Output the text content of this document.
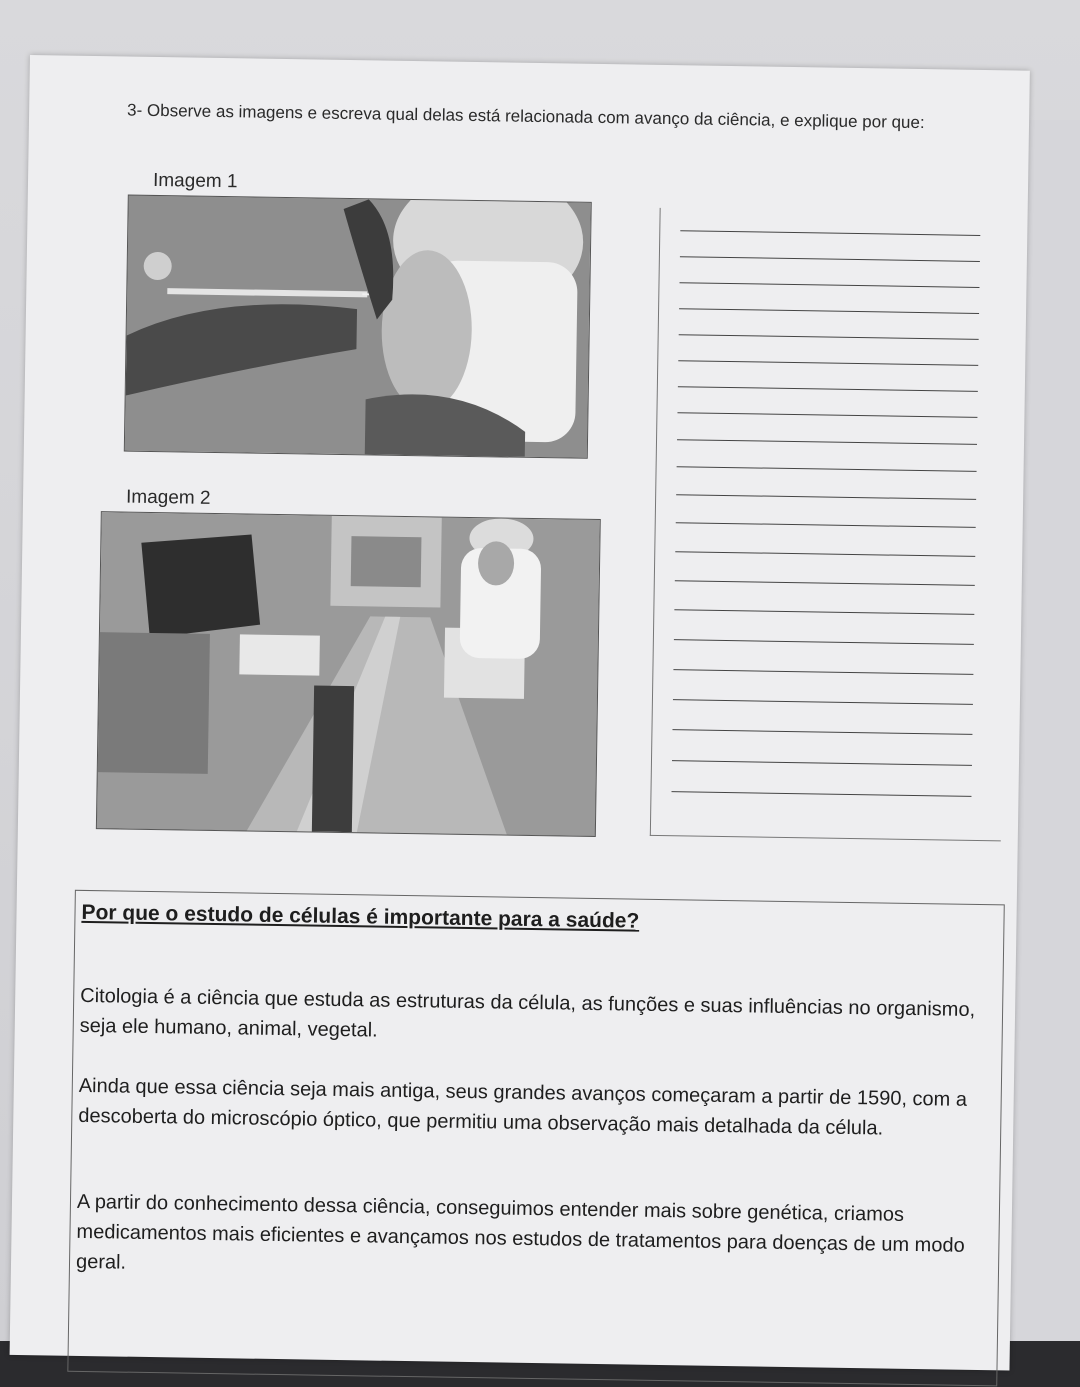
3- Observe as imagens e escreva qual delas está relacionada com avanço da ciência, e explique por que:
Imagem 1
Imagem 2
Por que o estudo de células é importante para a saúde?
Citologia é a ciência que estuda as estruturas da célula, as funções e suas influências no organismo, seja ele humano, animal, vegetal.
Ainda que essa ciência seja mais antiga, seus grandes avanços começaram a partir de 1590, com a descoberta do microscópio óptico, que permitiu uma observação mais detalhada da célula.
A partir do conhecimento dessa ciência, conseguimos entender mais sobre genética, criamos medicamentos mais eficientes e avançamos nos estudos de tratamentos para doenças de um modo geral.
